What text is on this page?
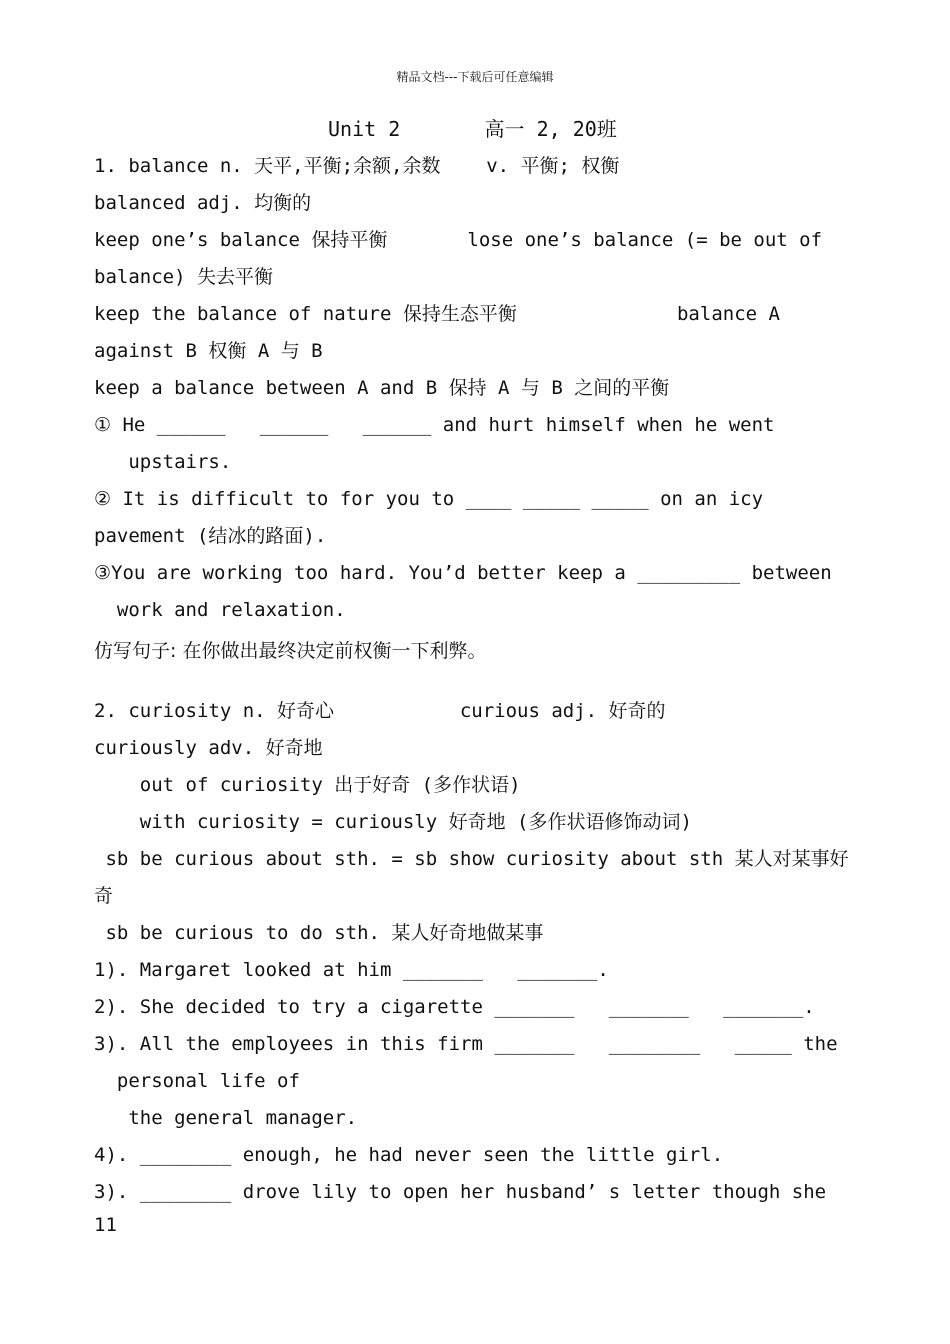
精品文档---下载后可任意编辑
Unit 2       高一 2, 20班
1. balance n. 天平,平衡;余额,余数    v. 平衡; 权衡
balanced adj. 均衡的
keep one’s balance 保持平衡       lose one’s balance (= be out of
balance) 失去平衡
keep the balance of nature 保持生态平衡              balance A
against B 权衡 A 与 B
keep a balance between A and B 保持 A 与 B 之间的平衡
① He ______   ______   ______ and hurt himself when he went
upstairs.
② It is difficult to for you to ____ _____ _____ on an icy
pavement (结冰的路面).
③You are working too hard. You’d better keep a _________ between
work and relaxation.
仿写句子: 在你做出最终决定前权衡一下利弊。
2. curiosity n. 好奇心           curious adj. 好奇的
curiously adv. 好奇地
out of curiosity 出于好奇 (多作状语)
with curiosity = curiously 好奇地 (多作状语修饰动词)
sb be curious about sth. = sb show curiosity about sth 某人对某事好
奇
sb be curious to do sth. 某人好奇地做某事
1). Margaret looked at him _______   _______.
2). She decided to try a cigarette _______   _______   _______.
3). All the employees in this firm _______   ________   _____ the
personal life of
the general manager.
4). ________ enough, he had never seen the little girl.
3). ________ drove lily to open her husband’ s letter though she
11
